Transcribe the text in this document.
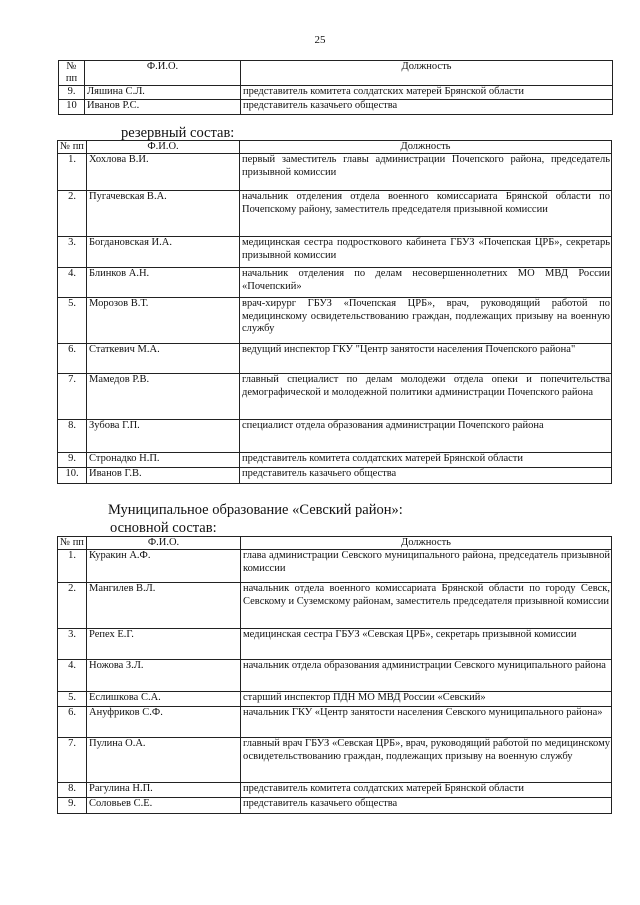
25
№ пп	Ф.И.О.	Должность
9.	Ляшина С.Л.	представитель комитета солдатских матерей Брянской области
10	Иванов Р.С.	представитель казачьего общества
резервный состав:
№ пп	Ф.И.О.	Должность
1.	Хохлова В.И.	первый заместитель главы администрации Почепского района, председатель призывной комиссии
2.	Пугачевская В.А.	начальник отделения отдела военного комиссариата Брянской области по Почепскому району, заместитель председателя призывной комиссии
3.	Богдановская И.А.	медицинская сестра подросткового кабинета ГБУЗ «Почепская ЦРБ», секретарь призывной комиссии
4.	Блинков А.Н.	начальник отделения по делам несовершеннолетних МО МВД России «Почепский»
5.	Морозов В.Т.	врач-хирург ГБУЗ «Почепская ЦРБ», врач, руководящий работой по медицинскому освидетельствованию граждан, подлежащих призыву на военную службу
6.	Статкевич М.А.	ведущий инспектор ГКУ "Центр занятости населения Почепского района"
7.	Мамедов Р.В.	главный специалист по делам молодежи отдела опеки и попечительства демографической и молодежной политики администрации Почепского района
8.	Зубова Г.П.	специалист отдела образования администрации Почепского района
9.	Стронадко Н.П.	представитель комитета солдатских матерей Брянской области
10.	Иванов Г.В.	представитель казачьего общества
Муниципальное образование «Севский район»:
основной состав:
№ пп	Ф.И.О.	Должность
1.	Куракин А.Ф.	глава администрации Севского муниципального района, председатель призывной комиссии
2.	Мангилев В.Л.	начальник отдела военного комиссариата Брянской области по городу Севск, Севскому и Суземскому районам, заместитель председателя призывной комиссии
3.	Репех Е.Г.	медицинская сестра ГБУЗ «Севская ЦРБ», секретарь призывной комиссии
4.	Ножова З.Л.	начальник отдела образования администрации Севского муниципального района
5.	Еслишкова С.А.	старший инспектор ПДН МО МВД России «Севский»
6.	Ануфриков С.Ф.	начальник ГКУ «Центр занятости населения Севского муниципального района»
7.	Пулина О.А.	главный врач ГБУЗ «Севская ЦРБ», врач, руководящий работой по медицинскому освидетельствованию граждан, подлежащих призыву на военную службу
8.	Рагулина Н.П.	представитель комитета солдатских матерей Брянской области
9.	Соловьев С.Е.	представитель казачьего общества
